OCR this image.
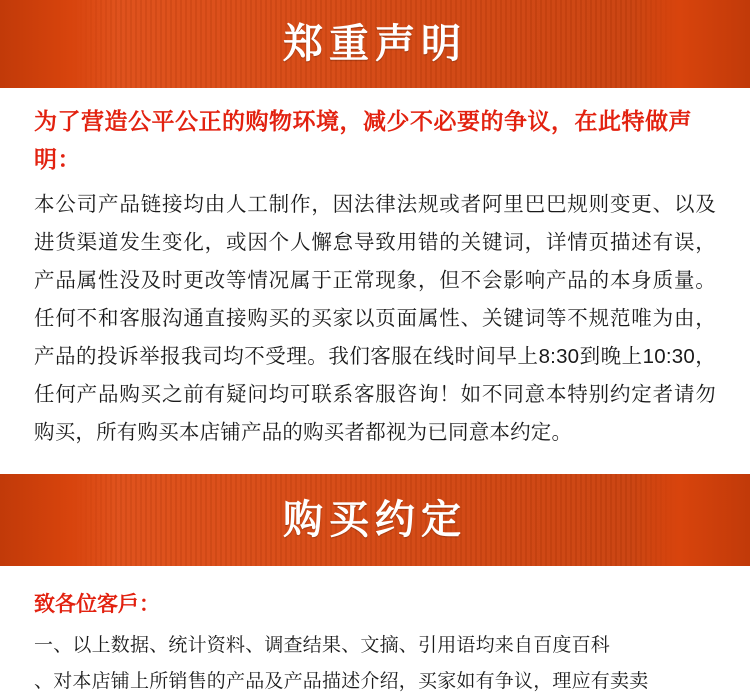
郑重声明

为了营造公平公正的购物环境，减少不必要的争议，在此特做声明：

本公司产品链接均由人工制作，因法律法规或者阿里巴巴规则变更、以及进货渠道发生变化，或因个人懈怠导致用错的关键词，详情页描述有误，产品属性没及时更改等情况属于正常现象，但不会影响产品的本身质量。任何不和客服沟通直接购买的买家以页面属性、关键词等不规范唯为由，产品的投诉举报我司均不受理。我们客服在线时间早上8:30到晚上10:30，任何产品购买之前有疑问均可联系客服咨询！如不同意本特别约定者请勿购买，所有购买本店铺产品的购买者都视为已同意本约定。

购买约定

致各位客戶：

一、以上数据、统计资料、调查结果、文摘、引用语均来自百度百科
、对本店铺上所销售的产品及产品描述介绍，买家如有争议，理应有卖卖
